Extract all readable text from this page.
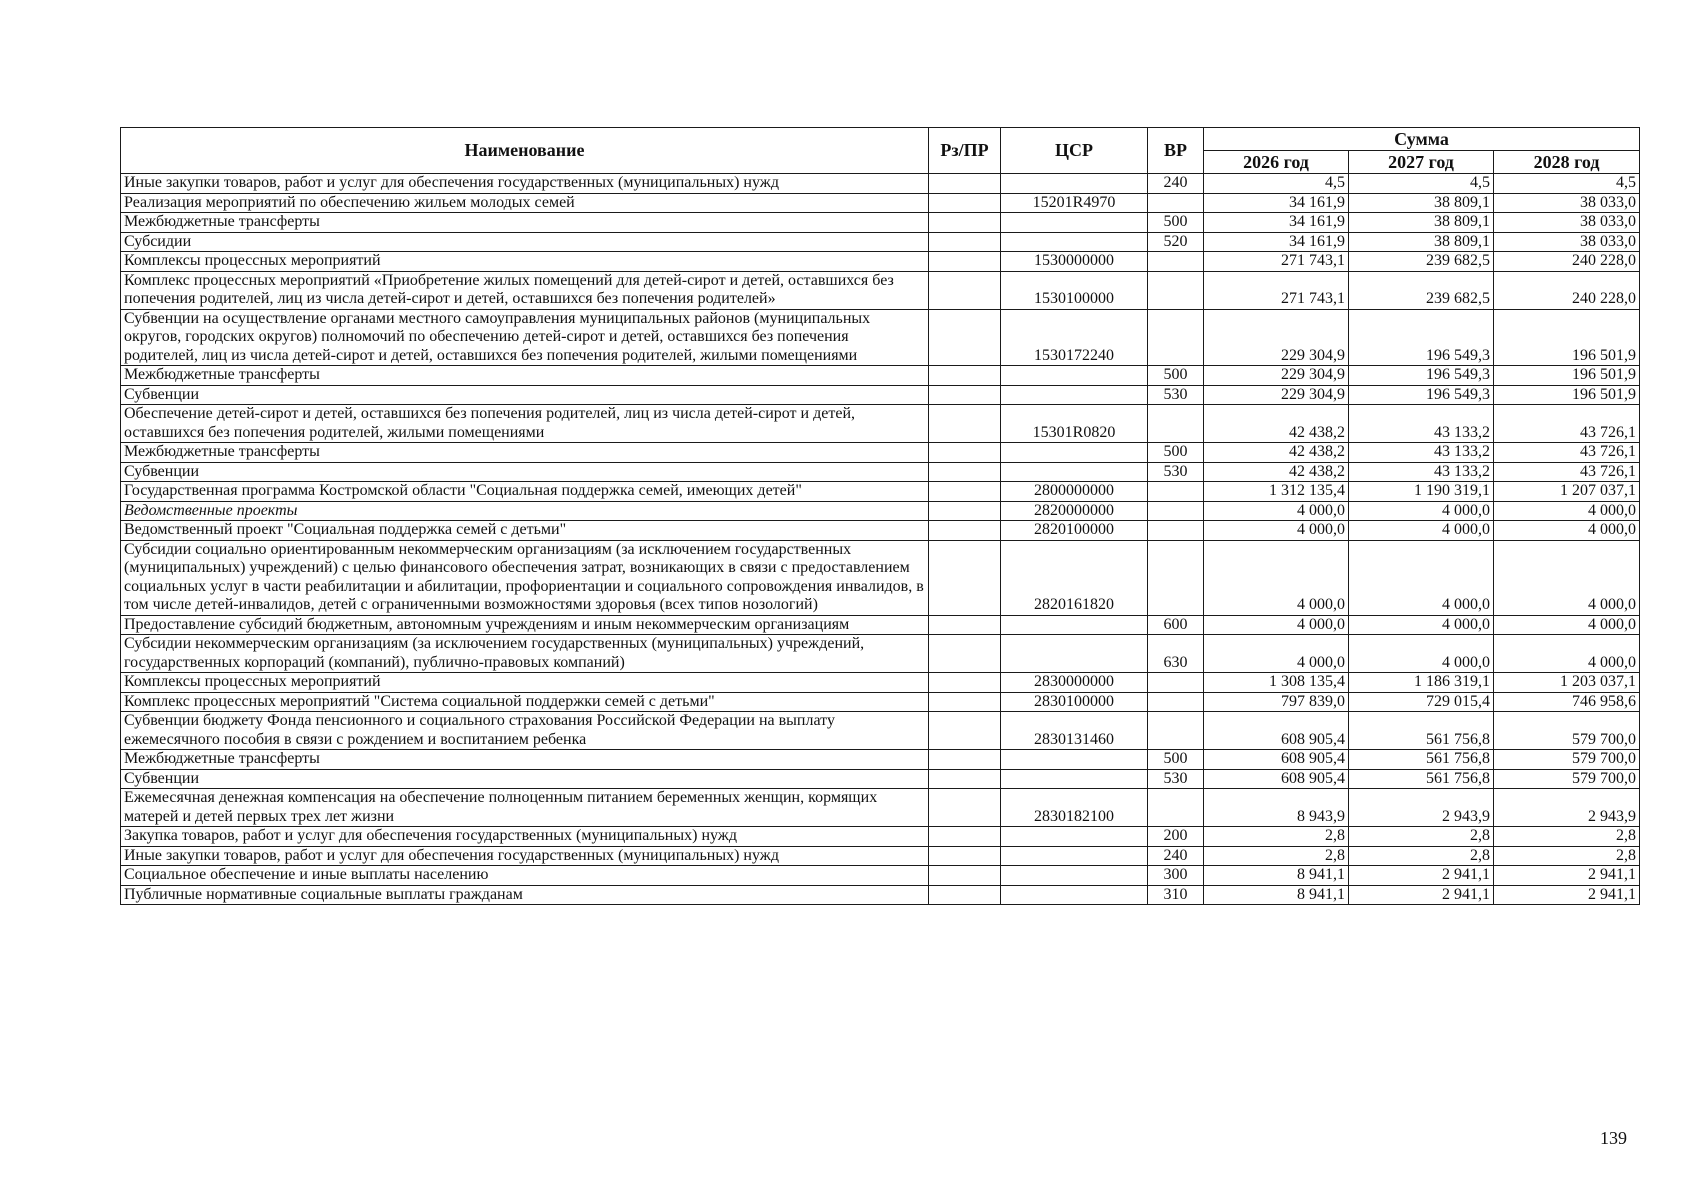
Наименование	Рз/ПР	ЦСР	ВР	Сумма		
				2026 год	2027 год	2028 год
Иные закупки товаров, работ и услуг для обеспечения государственных (муниципальных) нужд			240	4,5	4,5	4,5
Реализация мероприятий по обеспечению жильем молодых семей		15201R4970		34 161,9	38 809,1	38 033,0
Межбюджетные трансферты			500	34 161,9	38 809,1	38 033,0
Субсидии			520	34 161,9	38 809,1	38 033,0
Комплексы процессных мероприятий		1530000000		271 743,1	239 682,5	240 228,0
Комплекс процессных мероприятий «Приобретение жилых помещений для детей-сирот и детей, оставшихся без попечения родителей, лиц из числа детей-сирот и детей, оставшихся без попечения родителей»		1530100000		271 743,1	239 682,5	240 228,0
Субвенции на осуществление органами местного самоуправления муниципальных районов (муниципальных округов, городских округов) полномочий по обеспечению детей-сирот и детей, оставшихся без попечения родителей, лиц из числа детей-сирот и детей, оставшихся без попечения родителей, жилыми помещениями		1530172240		229 304,9	196 549,3	196 501,9
Межбюджетные трансферты			500	229 304,9	196 549,3	196 501,9
Субвенции			530	229 304,9	196 549,3	196 501,9
Обеспечение детей-сирот и детей, оставшихся без попечения родителей, лиц из числа детей-сирот и детей, оставшихся без попечения родителей, жилыми помещениями		15301R0820		42 438,2	43 133,2	43 726,1
Межбюджетные трансферты			500	42 438,2	43 133,2	43 726,1
Субвенции			530	42 438,2	43 133,2	43 726,1
Государственная программа Костромской области "Социальная поддержка семей, имеющих детей"		2800000000		1 312 135,4	1 190 319,1	1 207 037,1
Ведомственные проекты		2820000000		4 000,0	4 000,0	4 000,0
Ведомственный проект "Социальная поддержка семей с детьми"		2820100000		4 000,0	4 000,0	4 000,0
Субсидии социально ориентированным некоммерческим организациям (за исключением государственных (муниципальных) учреждений) с целью финансового обеспечения затрат, возникающих в связи с предоставлением социальных услуг в части реабилитации и абилитации, профориентации и социального сопровождения инвалидов, в том числе детей-инвалидов, детей с ограниченными возможностями здоровья (всех типов нозологий)		2820161820		4 000,0	4 000,0	4 000,0
Предоставление субсидий бюджетным, автономным учреждениям и иным некоммерческим организациям			600	4 000,0	4 000,0	4 000,0
Субсидии некоммерческим организациям (за исключением государственных (муниципальных) учреждений, государственных корпораций (компаний), публично-правовых компаний)			630	4 000,0	4 000,0	4 000,0
Комплексы процессных мероприятий		2830000000		1 308 135,4	1 186 319,1	1 203 037,1
Комплекс процессных мероприятий "Система социальной поддержки семей с детьми"		2830100000		797 839,0	729 015,4	746 958,6
Субвенции бюджету Фонда пенсионного и социального страхования Российской Федерации на выплату ежемесячного пособия в связи с рождением и воспитанием ребенка		2830131460		608 905,4	561 756,8	579 700,0
Межбюджетные трансферты			500	608 905,4	561 756,8	579 700,0
Субвенции			530	608 905,4	561 756,8	579 700,0
Ежемесячная денежная компенсация на обеспечение полноценным питанием беременных женщин, кормящих матерей и детей первых трех лет жизни		2830182100		8 943,9	2 943,9	2 943,9
Закупка товаров, работ и услуг для обеспечения государственных (муниципальных) нужд			200	2,8	2,8	2,8
Иные закупки товаров, работ и услуг для обеспечения государственных (муниципальных) нужд			240	2,8	2,8	2,8
Социальное обеспечение и иные выплаты населению			300	8 941,1	2 941,1	2 941,1
Публичные нормативные социальные выплаты гражданам			310	8 941,1	2 941,1	2 941,1
139
